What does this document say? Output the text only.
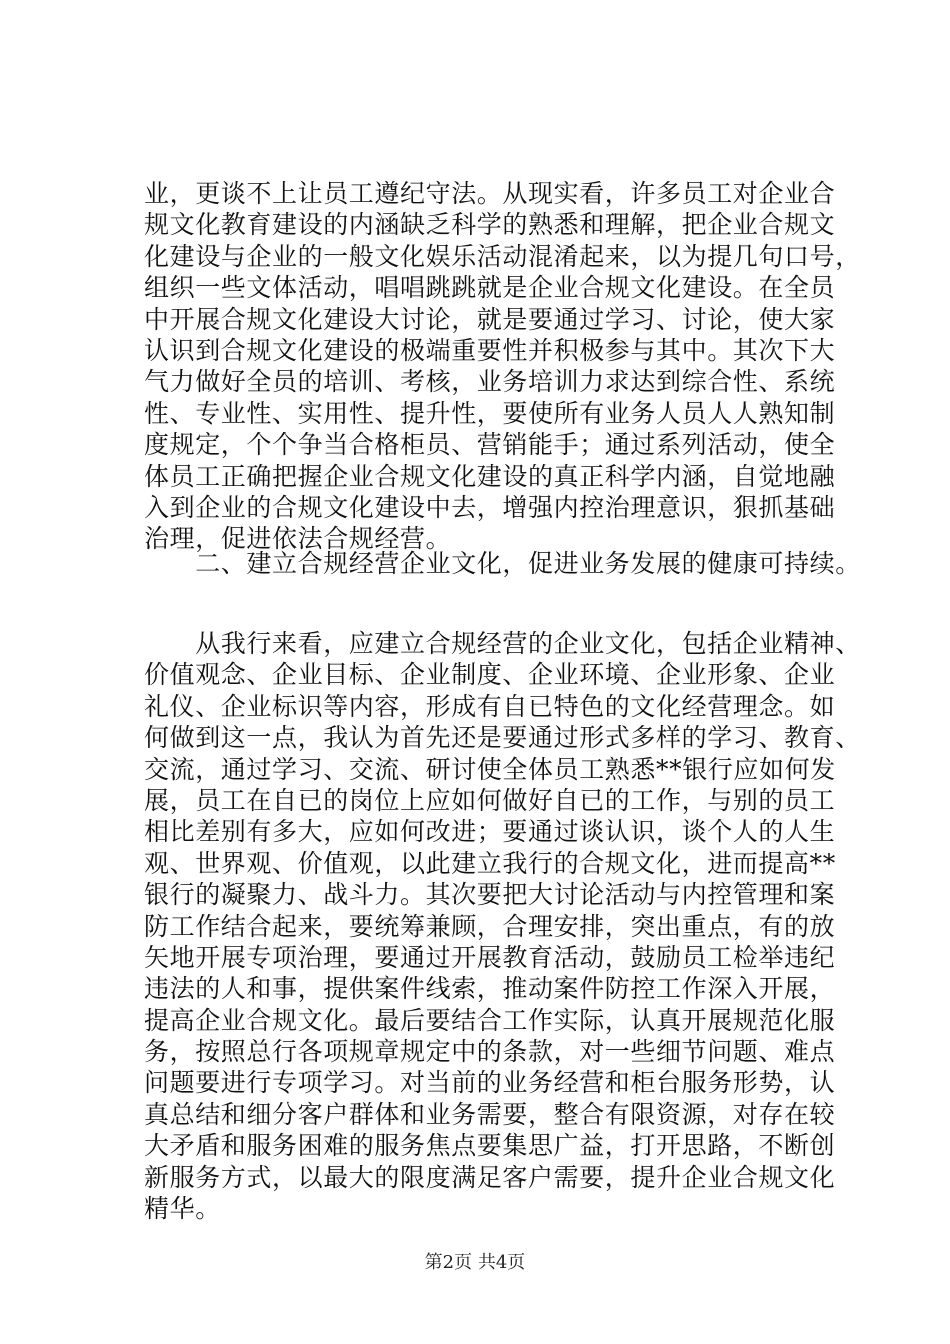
业，更谈不上让员工遵纪守法。从现实看，许多员工对企业合
规文化教育建设的内涵缺乏科学的熟悉和理解，把企业合规文
化建设与企业的一般文化娱乐活动混淆起来，以为提几句口号，
组织一些文体活动，唱唱跳跳就是企业合规文化建设。在全员
中开展合规文化建设大讨论，就是要通过学习、讨论，使大家
认识到合规文化建设的极端重要性并积极参与其中。其次下大
气力做好全员的培训、考核，业务培训力求达到综合性、系统
性、专业性、实用性、提升性，要使所有业务人员人人熟知制
度规定，个个争当合格柜员、营销能手；通过系列活动，使全
体员工正确把握企业合规文化建设的真正科学内涵，自觉地融
入到企业的合规文化建设中去，增强内控治理意识，狠抓基础
治理，促进依法合规经营。
　　二、建立合规经营企业文化，促进业务发展的健康可持续。
　　从我行来看，应建立合规经营的企业文化，包括企业精神、
价值观念、企业目标、企业制度、企业环境、企业形象、企业
礼仪、企业标识等内容，形成有自已特色的文化经营理念。如
何做到这一点，我认为首先还是要通过形式多样的学习、教育、
交流，通过学习、交流、研讨使全体员工熟悉**银行应如何发
展，员工在自已的岗位上应如何做好自已的工作，与别的员工
相比差别有多大，应如何改进；要通过谈认识，谈个人的人生
观、世界观、价值观，以此建立我行的合规文化，进而提高**
银行的凝聚力、战斗力。其次要把大讨论活动与内控管理和案
防工作结合起来，要统筹兼顾，合理安排，突出重点，有的放
矢地开展专项治理，要通过开展教育活动，鼓励员工检举违纪
违法的人和事，提供案件线索，推动案件防控工作深入开展，
提高企业合规文化。最后要结合工作实际，认真开展规范化服
务，按照总行各项规章规定中的条款，对一些细节问题、难点
问题要进行专项学习。对当前的业务经营和柜台服务形势，认
真总结和细分客户群体和业务需要，整合有限资源，对存在较
大矛盾和服务困难的服务焦点要集思广益，打开思路，不断创
新服务方式，以最大的限度满足客户需要，提升企业合规文化
精华。
第2页 共4页
